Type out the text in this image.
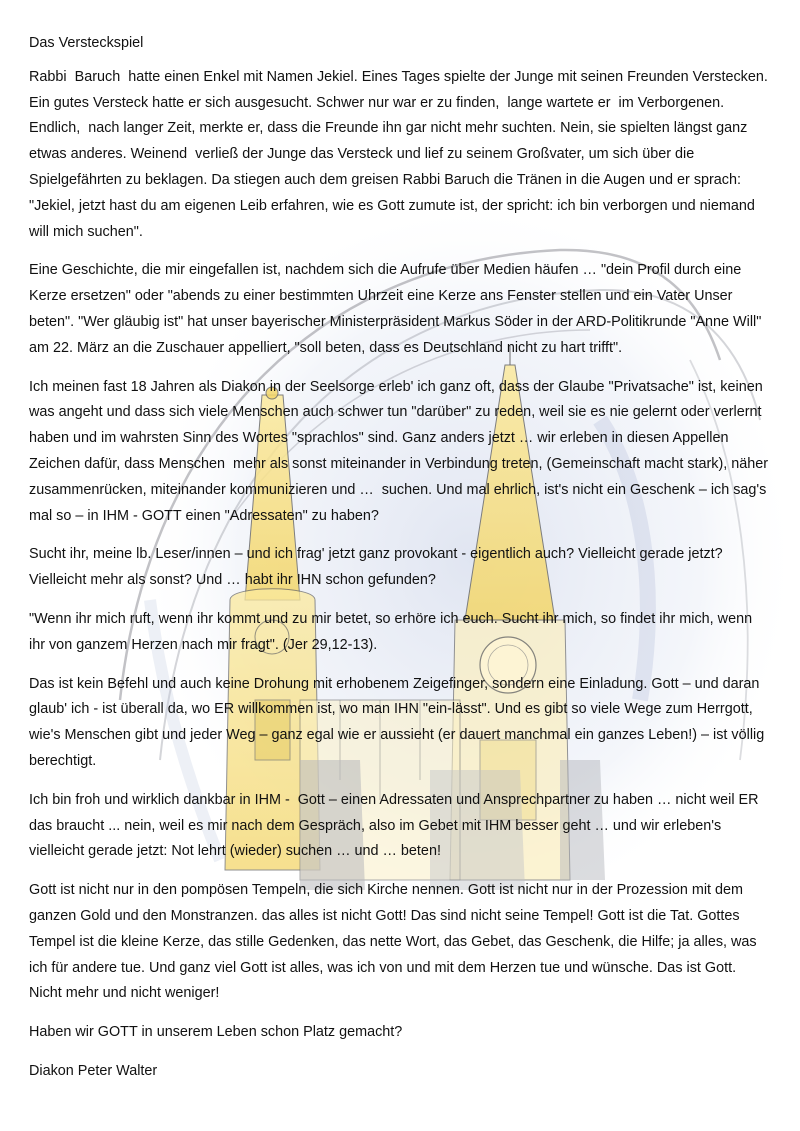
Das Versteckspiel

Rabbi  Baruch  hatte einen Enkel mit Namen Jekiel. Eines Tages spielte der Junge mit seinen Freunden Verstecken. Ein gutes Versteck hatte er sich ausgesucht. Schwer nur war er zu finden,  lange wartete er  im Verborgenen. Endlich,  nach langer Zeit, merkte er, dass die Freunde ihn gar nicht mehr suchten. Nein, sie spielten längst ganz etwas anderes. Weinend  verließ der Junge das Versteck und lief zu seinem Großvater, um sich über die Spielgefährten zu beklagen. Da stiegen auch dem greisen Rabbi Baruch die Tränen in die Augen und er sprach: "Jekiel, jetzt hast du am eigenen Leib erfahren, wie es Gott zumute ist, der spricht: ich bin verborgen und niemand will mich suchen".

Eine Geschichte, die mir eingefallen ist, nachdem sich die Aufrufe über Medien häufen … "dein Profil durch eine Kerze ersetzen" oder "abends zu einer bestimmten Uhrzeit eine Kerze ans Fenster stellen und ein Vater Unser beten". "Wer gläubig ist" hat unser bayerischer Ministerpräsident Markus Söder in der ARD-Politikrunde "Anne Will" am 22. März an die Zuschauer appelliert, "soll beten, dass es Deutschland nicht zu hart trifft".

Ich meinen fast 18 Jahren als Diakon in der Seelsorge erleb' ich ganz oft, dass der Glaube "Privatsache" ist, keinen was angeht und dass sich viele Menschen auch schwer tun "darüber" zu reden, weil sie es nie gelernt oder verlernt haben und im wahrsten Sinn des Wortes "sprachlos" sind. Ganz anders jetzt … wir erleben in diesen Appellen Zeichen dafür, dass Menschen  mehr als sonst miteinander in Verbindung treten, (Gemeinschaft macht stark), näher zusammenrücken, miteinander kommunizieren und …  suchen. Und mal ehrlich, ist's nicht ein Geschenk – ich sag's mal so – in IHM - GOTT einen "Adressaten" zu haben?

Sucht ihr, meine lb. Leser/innen – und ich frag' jetzt ganz provokant - eigentlich auch? Vielleicht gerade jetzt? Vielleicht mehr als sonst? Und … habt ihr IHN schon gefunden?

"Wenn ihr mich ruft, wenn ihr kommt und zu mir betet, so erhöre ich euch. Sucht ihr mich, so findet ihr mich, wenn ihr von ganzem Herzen nach mir fragt". (Jer 29,12-13).

Das ist kein Befehl und auch keine Drohung mit erhobenem Zeigefinger, sondern eine Einladung. Gott – und daran glaub' ich - ist überall da, wo ER willkommen ist, wo man IHN "ein-lässt". Und es gibt so viele Wege zum Herrgott, wie's Menschen gibt und jeder Weg – ganz egal wie er aussieht (er dauert manchmal ein ganzes Leben!) – ist völlig berechtigt.

Ich bin froh und wirklich dankbar in IHM -  Gott – einen Adressaten und Ansprechpartner zu haben … nicht weil ER das braucht ... nein, weil es mir nach dem Gespräch, also im Gebet mit IHM besser geht … und wir erleben's vielleicht gerade jetzt: Not lehrt (wieder) suchen … und … beten!

Gott ist nicht nur in den pompösen Tempeln, die sich Kirche nennen. Gott ist nicht nur in der Prozession mit dem ganzen Gold und den Monstranzen. das alles ist nicht Gott! Das sind nicht seine Tempel! Gott ist die Tat. Gottes Tempel ist die kleine Kerze, das stille Gedenken, das nette Wort, das Gebet, das Geschenk, die Hilfe; ja alles, was ich für andere tue. Und ganz viel Gott ist alles, was ich von und mit dem Herzen tue und wünsche. Das ist Gott. Nicht mehr und nicht weniger!

Haben wir GOTT in unserem Leben schon Platz gemacht?

Diakon Peter Walter
